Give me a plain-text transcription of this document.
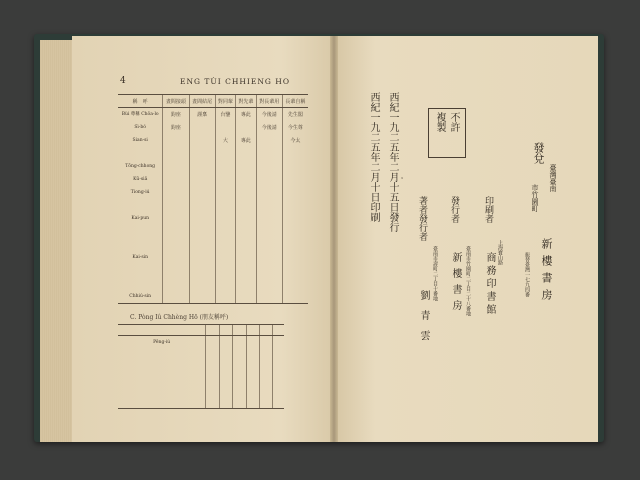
4	ENG TÙI CHHIENG HO
稱　呼	晝間接頭	晝間結尾	對同輩	對先輩	對長輩用	長輩自稱
Bùi 尊稱 Chôa-lo	鈞座	謹稟	台鑒	專此	今後請	先生閣
Sì-bó	鈞座				今後請	今生尊
Sian-si			大	專此		今太

Tōng-chhong						
Kū-siâ						
Tiong-iú						

Kai-pun						

Kai-sin						

Chhiú-sin						
C. Pòng Iû Chhèng Hō (朋友稱呼)

Pêng-iú						

西紀一九二五年二月十日印刷 西紀一九二五年二月十五日發行	不許
複製
ᶾ
著者發行者
臺南市壽町二丁目十番地
劉青雲
發行者
臺南市竹園町二丁目二十八番地
新樓書房
印刷者
上海寶山路
商務印書館
發兌
臺灣臺南
市竹園町
新樓書房
振替臺灣一七九四番
